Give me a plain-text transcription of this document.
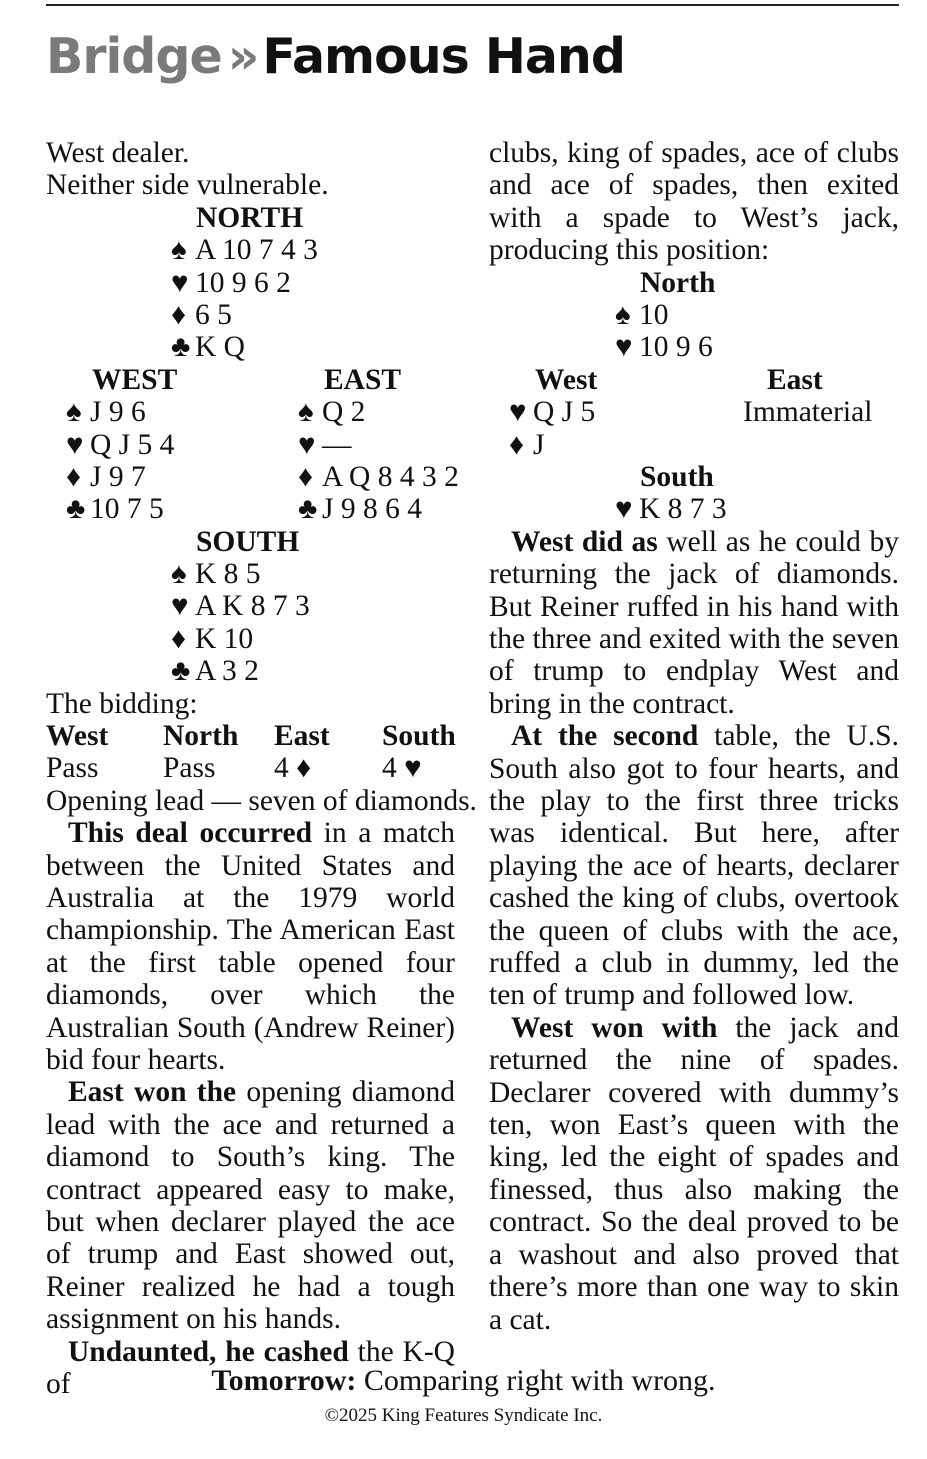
Bridge »Famous Hand
West dealer.
Neither side vulnerable.
NORTH
♠ A 10 7 4 3
♥ 10 9 6 2
♦ 6 5
♣ K Q
WEST	EAST
♠ J 9 6	♠ Q 2
♥ Q J 5 4	♥ —
♦ J 9 7	♦ A Q 8 4 3 2
♣ 10 7 5	♣ J 9 8 6 4
SOUTH
♠ K 8 5
♥ A K 8 7 3
♦ K 10
♣ A 3 2
The bidding:
West North East South
Pass Pass 4 ♦ 4 ♥
Opening lead — seven of diamonds.

This deal occurred in a match between the United States and Australia at the 1979 world championship. The American East at the first table opened four diamonds, over which the Australian South (Andrew Reiner) bid four hearts.

East won the opening diamond lead with the ace and returned a diamond to South’s king. The contract appeared easy to make, but when declarer played the ace of trump and East showed out, Reiner realized he had a tough assignment on his hands.

Undaunted, he cashed the K-Q of

clubs, king of spades, ace of clubs and ace of spades, then exited with a spade to West’s jack, producing this position:

North
♠ 10
♥ 10 9 6
West	East
♥ Q J 5	Immaterial
♦ J
South
♥ K 8 7 3

West did as well as he could by returning the jack of diamonds. But Reiner ruffed in his hand with the three and exited with the seven of trump to endplay West and bring in the contract.

At the second table, the U.S. South also got to four hearts, and the play to the first three tricks was identical. But here, after playing the ace of hearts, declarer cashed the king of clubs, overtook the queen of clubs with the ace, ruffed a club in dummy, led the ten of trump and followed low.

West won with the jack and returned the nine of spades. Declarer covered with dummy’s ten, won East’s queen with the king, led the eight of spades and finessed, thus also making the contract. So the deal proved to be a washout and also proved that there’s more than one way to skin a cat.

Tomorrow: Comparing right with wrong.
©2025 King Features Syndicate Inc.
